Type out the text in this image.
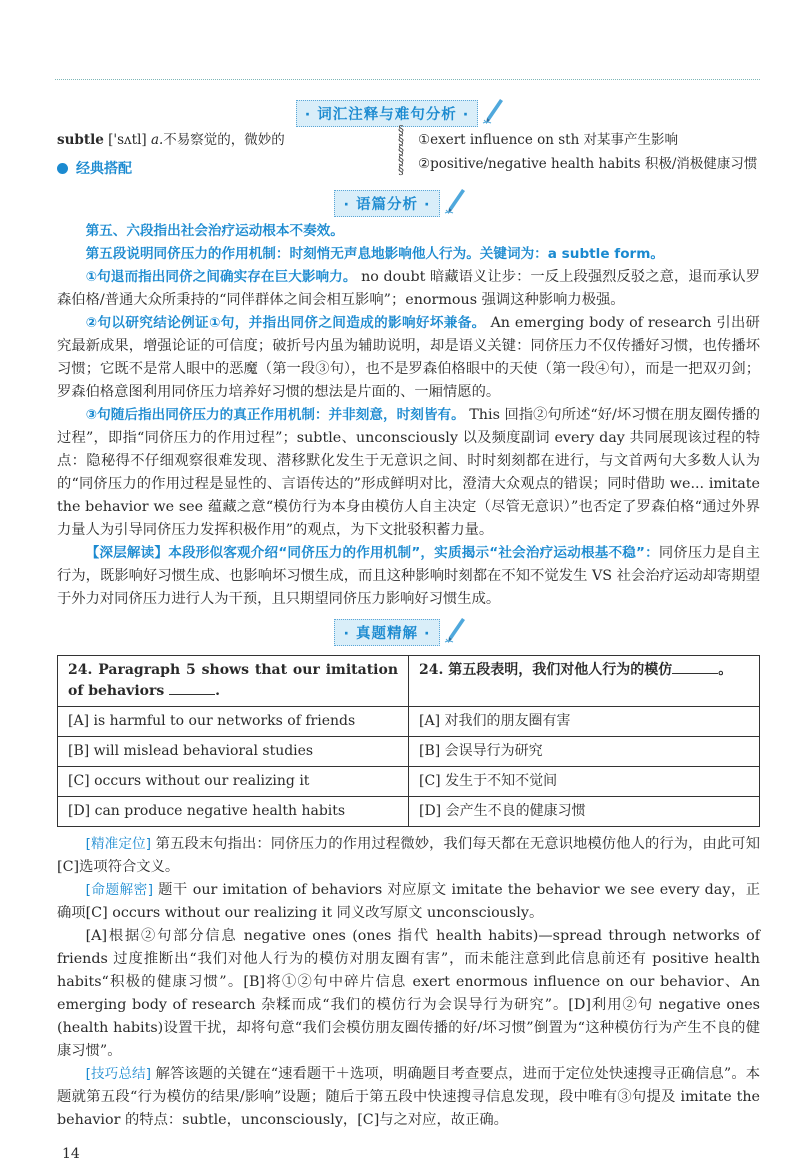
· 词汇注释与难句分析 ·
subtle ['sʌtl] a.不易察觉的，微妙的
经典搭配
§
§
§
§
§
①exert influence on sth 对某事产生影响
②positive/negative health habits 积极/消极健康习惯
· 语篇分析 ·

第五、六段指出社会治疗运动根本不奏效。

第五段说明同侪压力的作用机制：时刻悄无声息地影响他人行为。关键词为：a subtle form。

①句退而指出同侪之间确实存在巨大影响力。 no doubt 暗藏语义让步：一反上段强烈反驳之意，退而承认罗森伯格/普通大众所秉持的“同伴群体之间会相互影响”；enormous 强调这种影响力极强。

②句以研究结论例证①句，并指出同侪之间造成的影响好坏兼备。 An emerging body of research 引出研究最新成果，增强论证的可信度；破折号内虽为辅助说明，却是语义关键：同侪压力不仅传播好习惯，也传播坏习惯；它既不是常人眼中的恶魔（第一段③句），也不是罗森伯格眼中的天使（第一段④句），而是一把双刃剑；罗森伯格意图利用同侪压力培养好习惯的想法是片面的、一厢情愿的。

③句随后指出同侪压力的真正作用机制：并非刻意，时刻皆有。 This 回指②句所述“好/坏习惯在朋友圈传播的过程”，即指“同侪压力的作用过程”；subtle、unconsciously 以及频度副词 every day 共同展现该过程的特点：隐秘得不仔细观察很难发现、潜移默化发生于无意识之间、时时刻刻都在进行，与文首两句大多数人认为的“同侪压力的作用过程是显性的、言语传达的”形成鲜明对比，澄清大众观点的错误；同时借助 we... imitate the behavior we see 蕴藏之意“模仿行为本身由模仿人自主决定（尽管无意识）”也否定了罗森伯格“通过外界力量人为引导同侪压力发挥积极作用”的观点，为下文批驳积蓄力量。

【深层解读】本段形似客观介绍“同侪压力的作用机制”，实质揭示“社会治疗运动根基不稳”：同侪压力是自主行为，既影响好习惯生成、也影响坏习惯生成，而且这种影响时刻都在不知不觉发生 VS 社会治疗运动却寄期望于外力对同侪压力进行人为干预，且只期望同侪压力影响好习惯生成。

· 真题精解 ·
24. Paragraph 5 shows that our imitation of behaviors .	24. 第五段表明，我们对他人行为的模仿 。
[A] is harmful to our networks of friends	[A] 对我们的朋友圈有害
[B] will mislead behavioral studies	[B] 会误导行为研究
[C] occurs without our realizing it	[C] 发生于不知不觉间
[D] can produce negative health habits	[D] 会产生不良的健康习惯

[精准定位] 第五段末句指出：同侪压力的作用过程微妙，我们每天都在无意识地模仿他人的行为，由此可知[C]选项符合文义。

[命题解密] 题干 our imitation of behaviors 对应原文 imitate the behavior we see every day，正确项[C] occurs without our realizing it 同义改写原文 unconsciously。

[A]根据②句部分信息 negative ones (ones 指代 health habits)—spread through networks of friends 过度推断出“我们对他人行为的模仿对朋友圈有害”，而未能注意到此信息前还有 positive health habits“积极的健康习惯”。[B]将①②句中碎片信息 exert enormous influence on our behavior、An emerging body of research 杂糅而成“我们的模仿行为会误导行为研究”。[D]利用②句 negative ones (health habits)设置干扰，却将句意“我们会模仿朋友圈传播的好/坏习惯”倒置为“这种模仿行为产生不良的健康习惯”。

[技巧总结] 解答该题的关键在“速看题干＋选项，明确题目考查要点，进而于定位处快速搜寻正确信息”。本题就第五段“行为模仿的结果/影响”设题；随后于第五段中快速搜寻信息发现，段中唯有③句提及 imitate the behavior 的特点：subtle，unconsciously，[C]与之对应，故正确。

14
